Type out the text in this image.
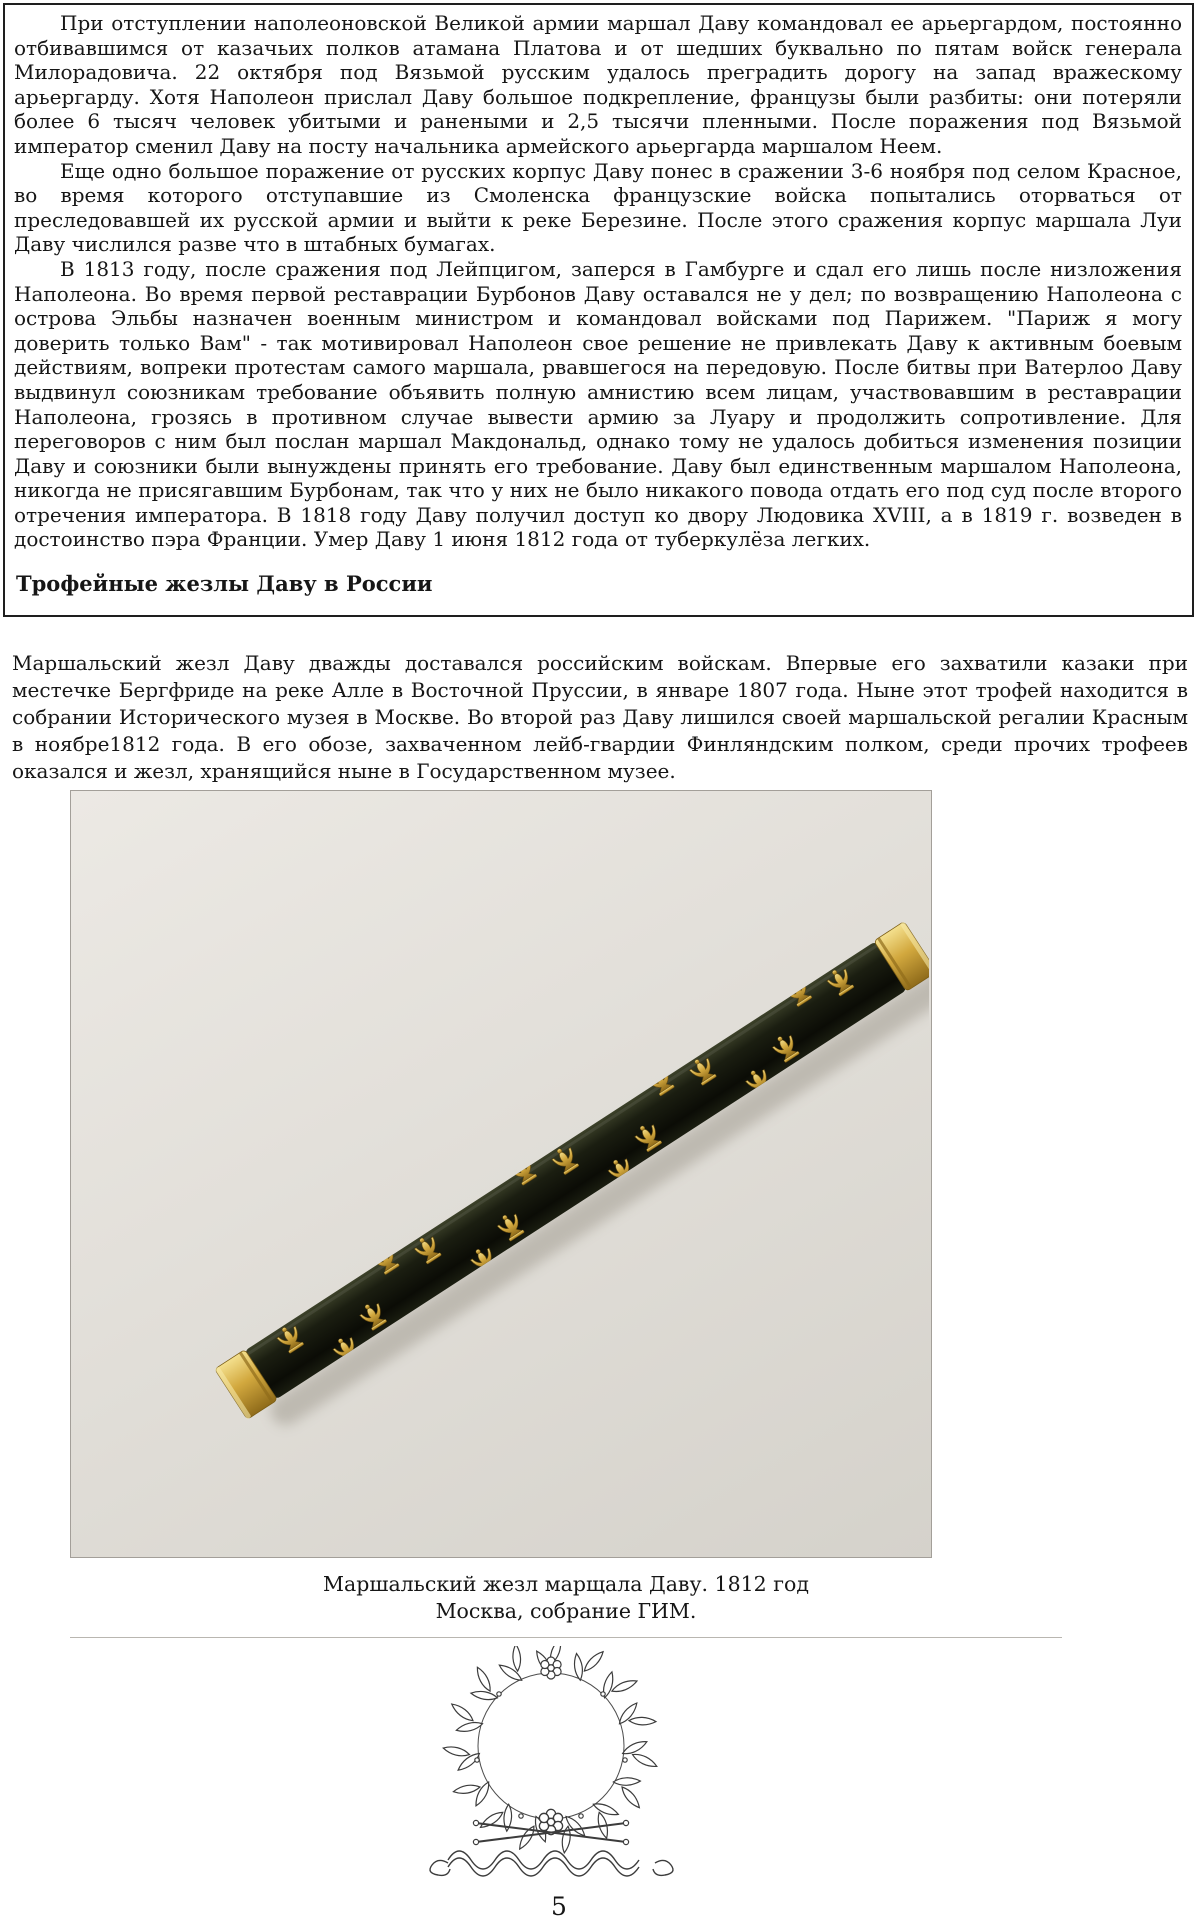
При отступлении наполеоновской Великой армии маршал Даву командовал ее арьергардом, постоянно отбивавшимся от казачьих полков атамана Платова и от шедших буквально по пятам войск генерала Милорадовича. 22 октября под Вязьмой русским удалось преградить дорогу на запад вражескому арьергарду. Хотя Наполеон прислал Даву большое подкрепление, французы были разбиты: они потеряли более 6 тысяч человек убитыми и ранеными и 2,5 тысячи пленными. После поражения под Вязьмой император сменил Даву на посту начальника армейского арьергарда маршалом Неем.

Еще одно большое поражение от русских корпус Даву понес в сражении 3-6 ноября под селом Красное, во время которого отступавшие из Смоленска французские войска попытались оторваться от преследовавшей их русской армии и выйти к реке Березине. После этого сражения корпус маршала Луи Даву числился разве что в штабных бумагах.

В 1813 году, после сражения под Лейпцигом, заперся в Гамбурге и сдал его лишь после низложения Наполеона. Во время первой реставрации Бурбонов Даву оставался не у дел; по возвращению Наполеона с острова Эльбы назначен военным министром и командовал войсками под Парижем. "Париж я могу доверить только Вам" - так мотивировал Наполеон свое решение не привлекать Даву к активным боевым действиям, вопреки протестам самого маршала, рвавшегося на передовую. После битвы при Ватерлоо Даву выдвинул союзникам требование объявить полную амнистию всем лицам, участвовавшим в реставрации Наполеона, грозясь в противном случае вывести армию за Луару и продолжить сопротивление. Для переговоров с ним был послан маршал Макдональд, однако тому не удалось добиться изменения позиции Даву и союзники были вынуждены принять его требование. Даву был единственным маршалом Наполеона, никогда не присягавшим Бурбонам, так что у них не было никакого повода отдать его под суд после второго отречения императора. В 1818 году Даву получил доступ ко двору Людовика XVIII, а в 1819 г. возведен в достоинство пэра Франции. Умер Даву 1 июня 1812 года от туберкулёза легких.

Трофейные жезлы Даву в России

Маршальский жезл Даву дважды доставался российским войскам. Впервые его захватили казаки при местечке Бергфриде на реке Алле в Восточной Пруссии, в январе 1807 года. Ныне этот трофей находится в собрании Исторического музея в Москве. Во второй раз Даву лишился своей маршальской регалии Красным в ноябре1812 года. В его обозе, захваченном лейб-гвардии Финляндским полком, среди прочих трофеев оказался и жезл, хранящийся ныне в Государственном музее.

Маршальский жезл марщала Даву. 1812 год
Москва, собрание ГИМ.
5
